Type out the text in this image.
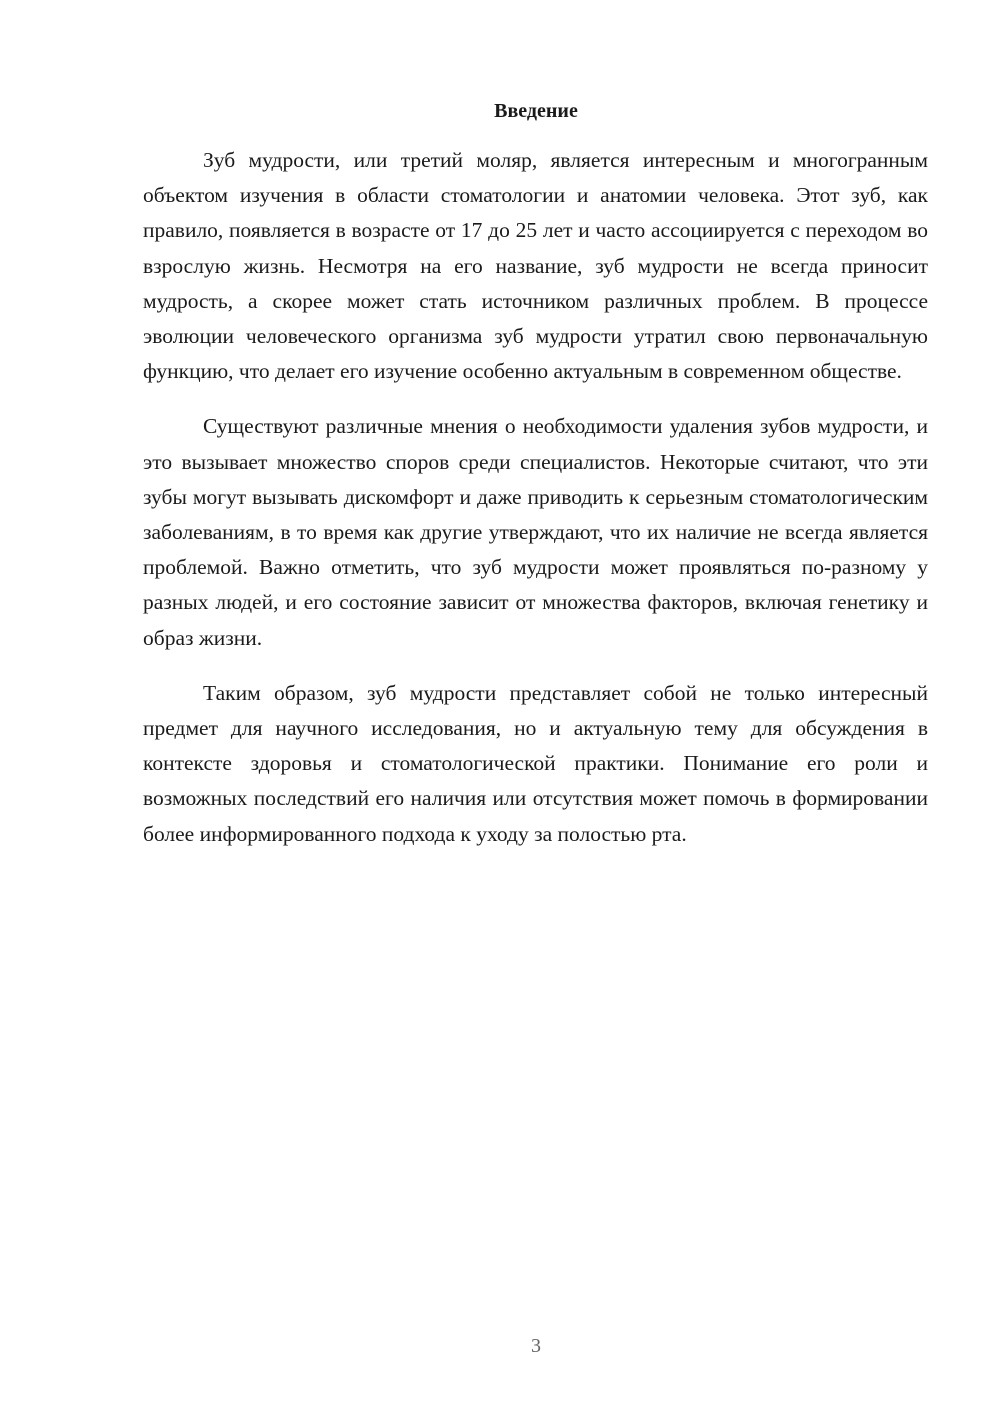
Введение

Зуб мудрости, или третий моляр, является интересным и многогранным объектом изучения в области стоматологии и анатомии человека. Этот зуб, как правило, появляется в возрасте от 17 до 25 лет и часто ассоциируется с переходом во взрослую жизнь. Несмотря на его название, зуб мудрости не всегда приносит мудрость, а скорее может стать источником различных проблем. В процессе эволюции человеческого организма зуб мудрости утратил свою первоначальную функцию, что делает его изучение особенно актуальным в современном обществе.

Существуют различные мнения о необходимости удаления зубов мудрости, и это вызывает множество споров среди специалистов. Некоторые считают, что эти зубы могут вызывать дискомфорт и даже приводить к серьезным стоматологическим заболеваниям, в то время как другие утверждают, что их наличие не всегда является проблемой. Важно отметить, что зуб мудрости может проявляться по-разному у разных людей, и его состояние зависит от множества факторов, включая генетику и образ жизни.

Таким образом, зуб мудрости представляет собой не только интересный предмет для научного исследования, но и актуальную тему для обсуждения в контексте здоровья и стоматологической практики. Понимание его роли и возможных последствий его наличия или отсутствия может помочь в формировании более информированного подхода к уходу за полостью рта.

3
